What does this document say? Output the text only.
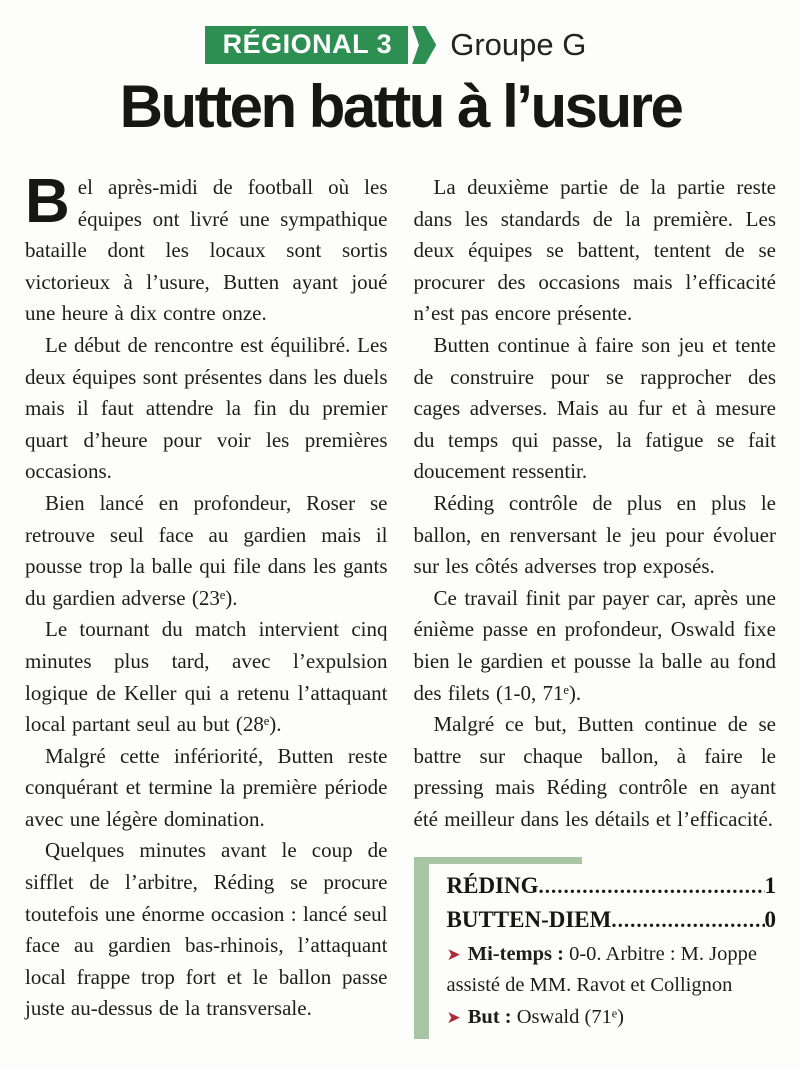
RÉGIONAL 3	Groupe G
Butten battu à l’usure

Bel après-midi de football où les équipes ont livré une sympathique bataille dont les locaux sont sortis victorieux à l’usure, Butten ayant joué une heure à dix contre onze.

Le début de rencontre est équilibré. Les deux équipes sont présentes dans les duels mais il faut attendre la fin du premier quart d’heure pour voir les premières occasions.

Bien lancé en profondeur, Roser se retrouve seul face au gardien mais il pousse trop la balle qui file dans les gants du gardien adverse (23ᵉ).

Le tournant du match intervient cinq minutes plus tard, avec l’expulsion logique de Keller qui a retenu l’attaquant local partant seul au but (28ᵉ).

Malgré cette infériorité, Butten reste conquérant et termine la première période avec une légère domination.

Quelques minutes avant le coup de sifflet de l’arbitre, Réding se procure toutefois une énorme occasion : lancé seul face au gardien bas-rhinois, l’attaquant local frappe trop fort et le ballon passe juste au-dessus de la transversale.

La deuxième partie de la partie reste dans les standards de la première. Les deux équipes se battent, tentent de se procurer des occasions mais l’efficacité n’est pas encore présente.

Butten continue à faire son jeu et tente de construire pour se rapprocher des cages adverses. Mais au fur et à mesure du temps qui passe, la fatigue se fait doucement ressentir.

Réding contrôle de plus en plus le ballon, en renversant le jeu pour évoluer sur les côtés adverses trop exposés.

Ce travail finit par payer car, après une énième passe en profondeur, Oswald fixe bien le gardien et pousse la balle au fond des filets (1-0, 71ᵉ).

Malgré ce but, Butten continue de se battre sur chaque ballon, à faire le pressing mais Réding contrôle en ayant été meilleur dans les détails et l’efficacité.

RÉDING .....	1
BUTTEN-DIEM .....	0
➤ Mi-temps : 0-0. Arbitre : M. Joppe assisté de MM. Ravot et Collignon
➤ But : Oswald (71ᵉ)
